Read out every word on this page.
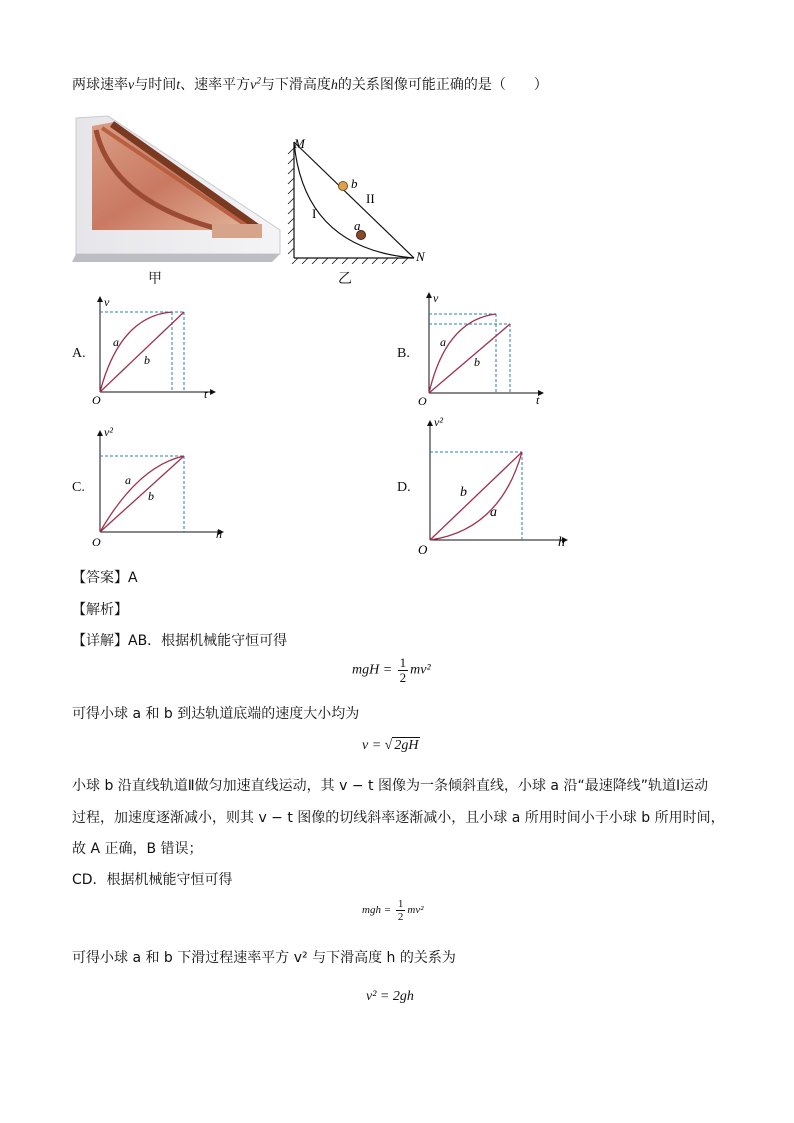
两球速率v与时间t、速率平方$v^2$与下滑高度h的关系图像可能正确的是（　　）
甲
M
N
b
a
II
I
乙
A.
v
t
O
a
b	B.
v
t
O
a
b
C.
v²
h
O
a
b
D.
v²
h
O
b
a
【答案】A
【解析】
【详解】AB．根据机械能守恒可得
mgH = $\frac{1}{2} mv^2$
可得小球 a 和 b 到达轨道底端的速度大小均为
v = √ 2gH
小球 b 沿直线轨道Ⅱ做匀加速直线运动，其 v − t 图像为一条倾斜直线，小球 a 沿“最速降线”轨道Ⅰ运动
过程，加速度逐渐减小，则其 v − t 图像的切线斜率逐渐减小，且小球 a 所用时间小于小球 b 所用时间，
故 A 正确，B 错误；
CD．根据机械能守恒可得
mgh = $\frac{1}{2} mv^2$
可得小球 a 和 b 下滑过程速率平方 v² 与下滑高度 h 的关系为
v² = 2gh
